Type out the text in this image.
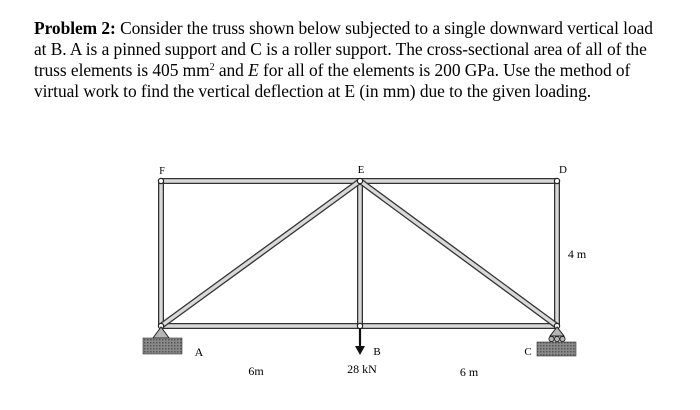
Problem 2: Consider the truss shown below subjected to a single downward vertical load
at B. A is a pinned support and C is a roller support. The cross-sectional area of all of the
truss elements is 405 $mm^2$ and E for all of the elements is 200 GPa. Use the method of
virtual work to find the vertical deflection at E (in mm) due to the given loading.
F	E	D
A	B	C
6m	28 kN	6 m
4 m
